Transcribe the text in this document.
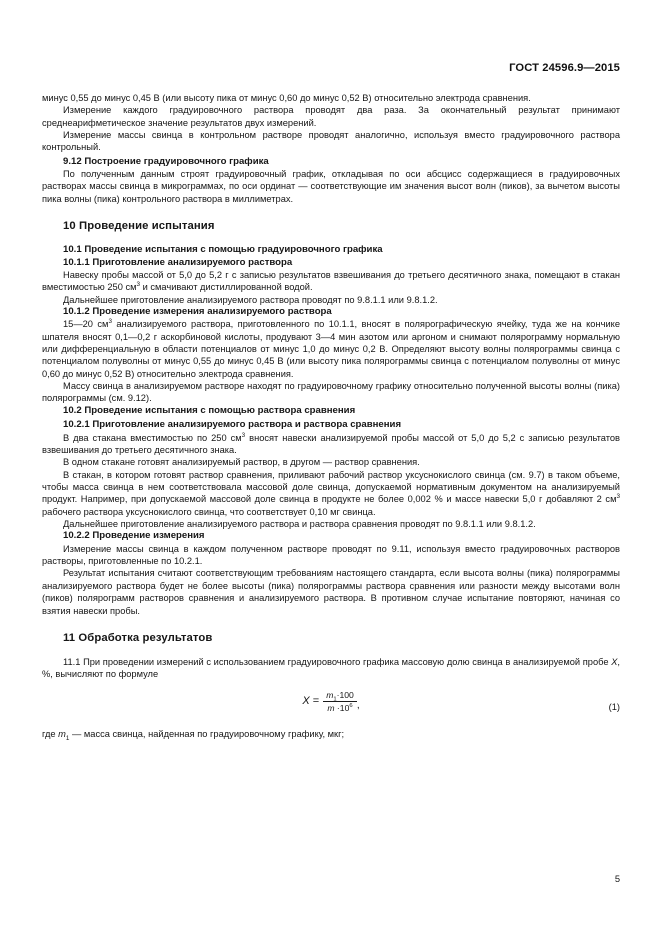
ГОСТ 24596.9—2015

минус 0,55 до минус 0,45 В (или высоту пика от минус 0,60 до минус 0,52 В) относительно электрода сравнения.

Измерение каждого градуировочного раствора проводят два раза. За окончательный результат принимают среднеарифметическое значение результатов двух измерений.

Измерение массы свинца в контрольном растворе проводят аналогично, используя вместо градуировочного раствора контрольный.

9.12 Построение градуировочного графика

По полученным данным строят градуировочный график, откладывая по оси абсцисс содержащиеся в градуировочных растворах массы свинца в микрограммах, по оси ординат — соответствующие им значения высот волн (пиков), за вычетом высоты пика волны (пика) контрольного раствора в миллиметрах.

10 Проведение испытания

10.1 Проведение испытания с помощью градуировочного графика

10.1.1 Приготовление анализируемого раствора

Навеску пробы массой от 5,0 до 5,2 г с записью результатов взвешивания до третьего десятичного знака, помещают в стакан вместимостью 250 $см^3$ и смачивают дистиллированной водой.

Дальнейшее приготовление анализируемого раствора проводят по 9.8.1.1 или 9.8.1.2.

10.1.2 Проведение измерения анализируемого раствора

15—20 $см^3$ анализируемого раствора, приготовленного по 10.1.1, вносят в полярографическую ячейку, туда же на кончике шпателя вносят 0,1—0,2 г аскорбиновой кислоты, продувают 3—4 мин азотом или аргоном и снимают полярограмму нормальную или дифференциальную в области потенциалов от минус 1,0 до минус 0,2 В. Определяют высоту волны полярограммы свинца с потенциалом полуволны от минус 0,55 до минус 0,45 В (или высоту пика полярограммы свинца с потенциалом полуволны от минус 0,60 до минус 0,52 В) относительно электрода сравнения.

Массу свинца в анализируемом растворе находят по градуировочному графику относительно полученной высоты волны (пика) полярограммы (см. 9.12).

10.2 Проведение испытания с помощью раствора сравнения

10.2.1 Приготовление анализируемого раствора и раствора сравнения

В два стакана вместимостью по 250 $см^3$ вносят навески анализируемой пробы массой от 5,0 до 5,2 с записью результатов взвешивания до третьего десятичного знака.

В одном стакане готовят анализируемый раствор, в другом — раствор сравнения.

В стакан, в котором готовят раствор сравнения, приливают рабочий раствор уксуснокислого свинца (см. 9.7) в таком объеме, чтобы масса свинца в нем соответствовала массовой доле свинца, допускаемой нормативным документом на анализируемый продукт. Например, при допускаемой массовой доле свинца в продукте не более 0,002 % и массе навески 5,0 г добавляют 2 $см^3$ рабочего раствора уксуснокислого свинца, что соответствует 0,10 мг свинца.

Дальнейшее приготовление анализируемого раствора и раствора сравнения проводят по 9.8.1.1 или 9.8.1.2.

10.2.2 Проведение измерения

Измерение массы свинца в каждом полученном растворе проводят по 9.11, используя вместо градуировочных растворов растворы, приготовленные по 10.2.1.

Результат испытания считают соответствующим требованиям настоящего стандарта, если высота волны (пика) полярограммы анализируемого раствора будет не более высоты (пика) полярограммы раствора сравнения или разности между высотами волн (пиков) полярограмм растворов сравнения и анализируемого раствора. В противном случае испытание повторяют, начиная со взятия навески пробы.

11 Обработка результатов

11.1 При проведении измерений с использованием градуировочного графика массовую долю свинца в анализируемой пробе X, %, вычисляют по формуле

$X = \frac{m_1\cdot 100}{m \cdot 10^6}$ ,	(1)

где $m_1$ — масса свинца, найденная по градуировочному графику, мкг;

5
